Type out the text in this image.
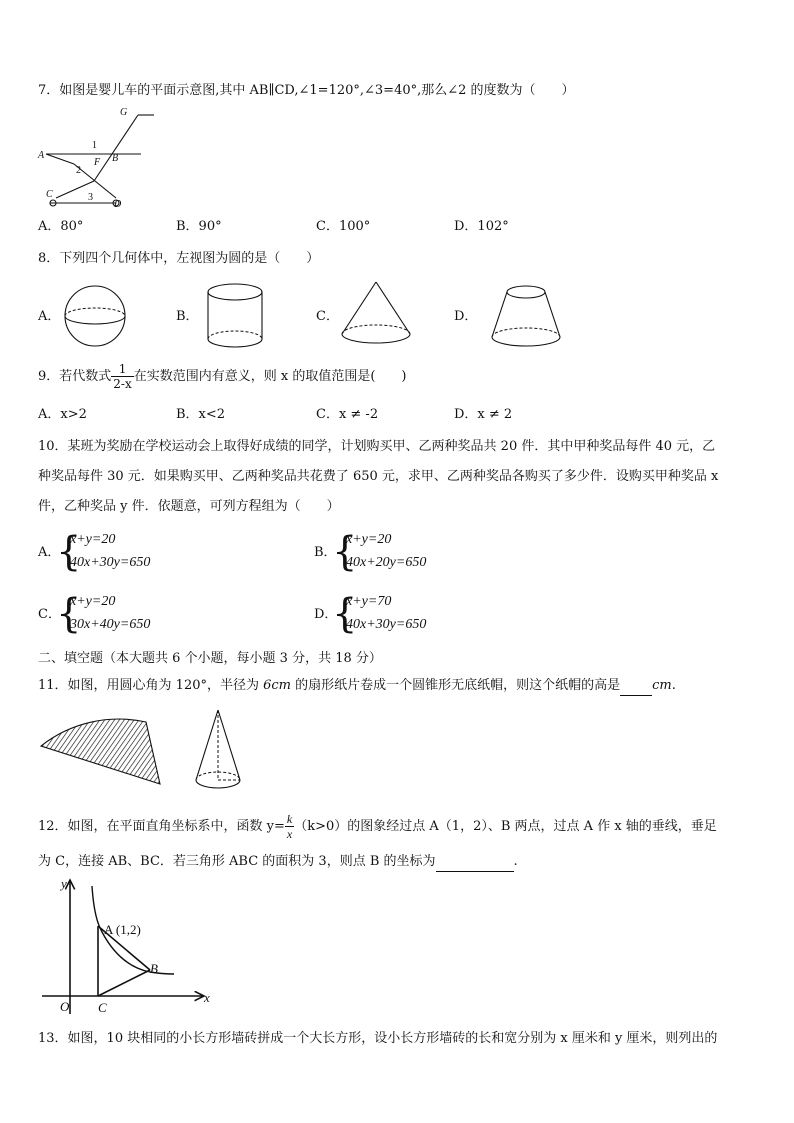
7．如图是婴儿车的平面示意图,其中 AB∥CD,∠1=120°,∠3=40°,那么∠2 的度数为（　　）
G
1
A
F B
2
C	3
D
A．80°	B．90°	C．100°	D．102°
8．下列四个几何体中，左视图为圆的是（　　）
A．	B．	C．	D．
9．若代数式 $\frac{1}{2-x}$ 在实数范围内有意义，则 x 的取值范围是(　　)
A．x>2	B．x<2	C．x ≠ -2	D．x ≠ 2
10．某班为奖励在学校运动会上取得好成绩的同学，计划购买甲、乙两种奖品共 20 件．其中甲种奖品每件 40 元，乙
种奖品每件 30 元．如果购买甲、乙两种奖品共花费了 650 元，求甲、乙两种奖品各购买了多少件．设购买甲种奖品 x
件，乙种奖品 y 件．依题意，可列方程组为（　　）
A．
{
x+y=20
40x+30y=650
B．
{
x+y=20
40x+20y=650
C．
{
x+y=20
30x+40y=650
D．
{
x+y=70
40x+30y=650
二、填空题（本大题共 6 个小题，每小题 3 分，共 18 分）
11．如图，用圆心角为 120°，半径为 6cm 的扇形纸片卷成一个圆锥形无底纸帽，则这个纸帽的高是 cm.
12．如图，在平面直角坐标系中，函数 $y= \frac{k}{x} (k>0)$的图象经过点 A（1，2）、B 两点，过点 A 作 x 轴的垂线，垂足
为 C，连接 AB、BC．若三角形 ABC 的面积为 3，则点 B 的坐标为	.
y
x
O C
B
A (1,2)
13．如图，10 块相同的小长方形墙砖拼成一个大长方形，设小长方形墙砖的长和宽分别为 x 厘米和 y 厘米，则列出的
